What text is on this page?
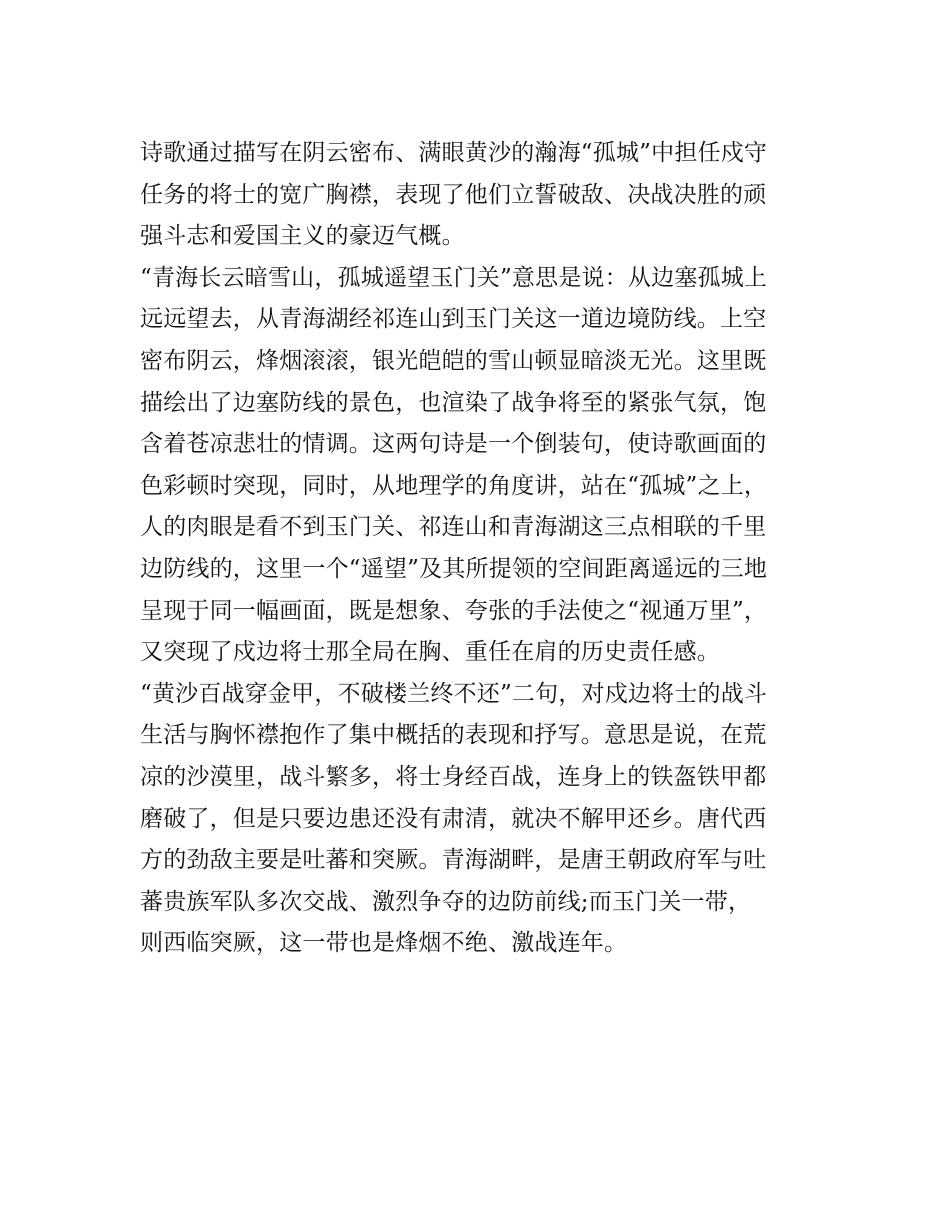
诗歌通过描写在阴云密布、满眼黄沙的瀚海“孤城”中担任戍守
任务的将士的宽广胸襟，表现了他们立誓破敌、决战决胜的顽
强斗志和爱国主义的豪迈气概。
“青海长云暗雪山，孤城遥望玉门关”意思是说：从边塞孤城上
远远望去，从青海湖经祁连山到玉门关这一道边境防线。上空
密布阴云，烽烟滚滚，银光皑皑的雪山顿显暗淡无光。这里既
描绘出了边塞防线的景色，也渲染了战争将至的紧张气氛，饱
含着苍凉悲壮的情调。这两句诗是一个倒装句，使诗歌画面的
色彩顿时突现，同时，从地理学的角度讲，站在“孤城”之上，
人的肉眼是看不到玉门关、祁连山和青海湖这三点相联的千里
边防线的，这里一个“遥望”及其所提领的空间距离遥远的三地
呈现于同一幅画面，既是想象、夸张的手法使之“视通万里”，
又突现了戍边将士那全局在胸、重任在肩的历史责任感。
“黄沙百战穿金甲，不破楼兰终不还”二句，对戍边将士的战斗
生活与胸怀襟抱作了集中概括的表现和抒写。意思是说，在荒
凉的沙漠里，战斗繁多，将士身经百战，连身上的铁盔铁甲都
磨破了，但是只要边患还没有肃清，就决不解甲还乡。唐代西
方的劲敌主要是吐蕃和突厥。青海湖畔，是唐王朝政府军与吐
蕃贵族军队多次交战、激烈争夺的边防前线;而玉门关一带，
则西临突厥，这一带也是烽烟不绝、激战连年。
